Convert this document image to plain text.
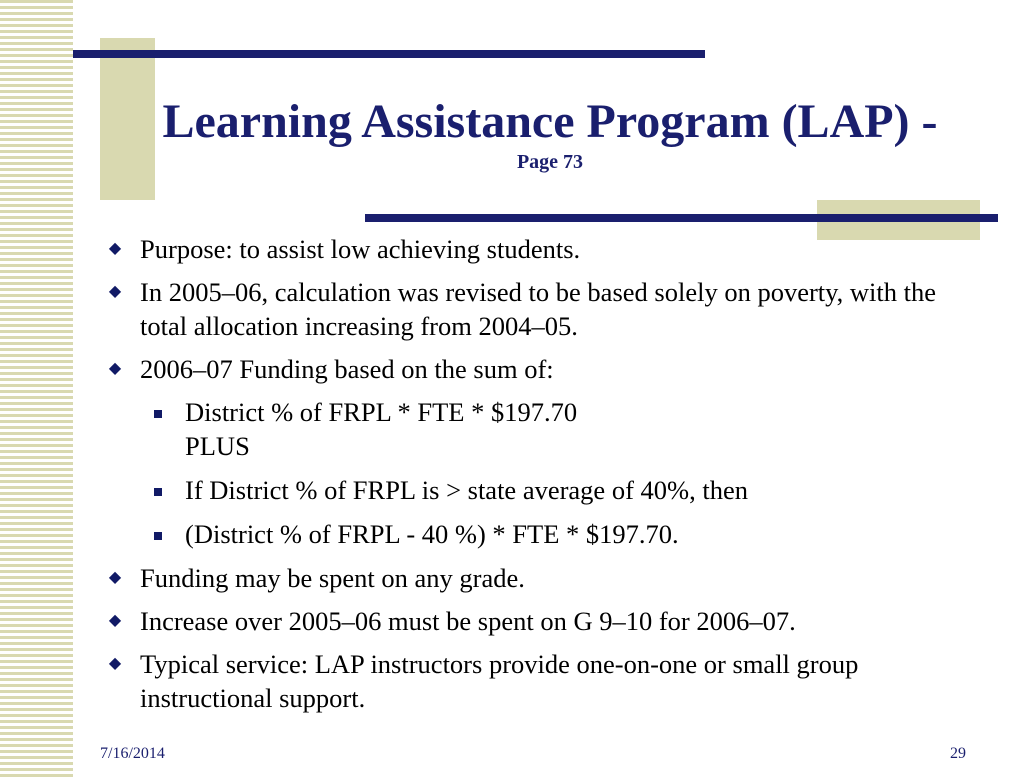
Learning Assistance Program (LAP) -
Page 73
◆ Purpose: to assist low achieving students.
◆ In 2005–06, calculation was revised to be based solely on poverty, with the total allocation increasing from 2004–05.
◆ 2006–07 Funding based on the sum of:
District % of FRPL * FTE * $197.70
PLUS
If District % of FRPL is > state average of 40%, then
(District % of FRPL - 40 %) * FTE * $197.70.
◆ Funding may be spent on any grade.
◆ Increase over 2005–06 must be spent on G 9–10 for 2006–07.
◆ Typical service: LAP instructors provide one-on-one or small group instructional support.
7/16/2014	29
